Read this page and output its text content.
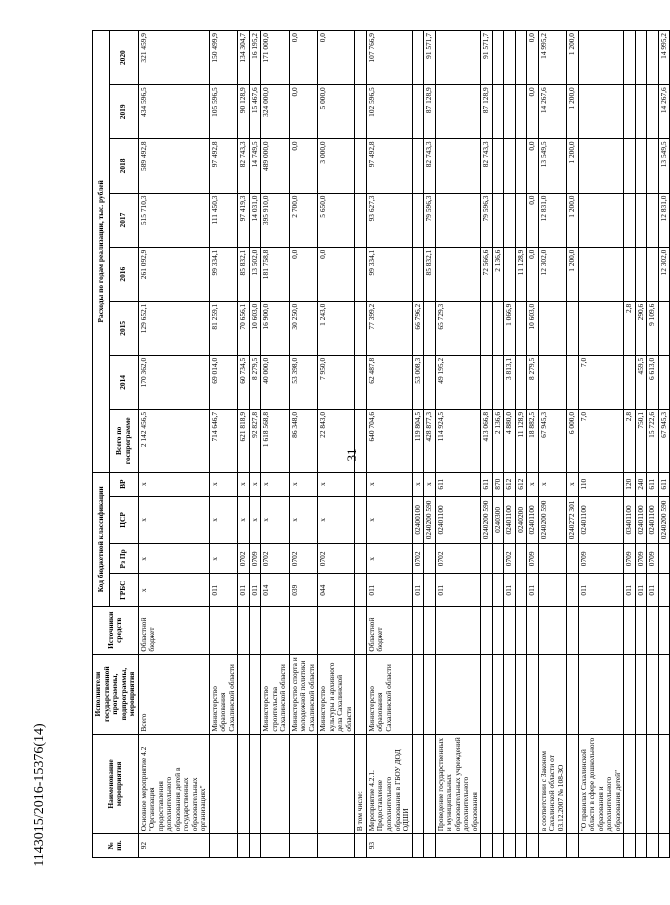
31
1143015/2016-15376(14)	№ пп.	Наименование мероприятия	Исполнители государственной программы, подпрограммы, мероприятия	Источники средств	Код бюджетной классификации				Расходы по годам реализации, тыс. рублей							
				ГРБС	Рз Пр	ЦСР	ВР	Всего по госпрограмме	2014	2015	2016	2017	2018	2019	2020
92	Основное мероприятие 4.2 "Организация предоставления дополнительного образования детей в государственных образовательных организациях"	Всего	Областной бюджет	x	x	x	x	2 142 456,5	170 362,0	129 652,1	261 092,9	515 710,3	589 492,8	434 596,5	321 459,9
		Министерство образования Сахалинской области		011	x	x	x	714 646,7	69 014,0	81 259,1	99 334,1	111 450,3	97 492,8	105 596,5	150 499,9
				011	0702	x	x	621 818,9	60 734,5	70 656,1	85 832,1	97 419,3	82 743,3	90 128,9	134 304,7
				011	0709	x	x	92 827,8	8 279,5	10 603,0	13 502,0	14 031,0	14 749,5	15 467,6	16 195,2
		Министерство строительства Сахалинской области		014	0702	x	x	1 618 568,8	40 000,0	16 900,0	181 758,8	395 910,0	489 000,0	324 000,0	171 000,0
		Министерство спорта и молодежной политики Сахалинской области		039	0702	x	x	86 348,0	53 398,0	30 250,0	0,0	2 700,0	0,0	0,0	0,0
		Министерство культуры и архивного дела Сахалинской области		044	0702	x	x	22 843,0	7 950,0	1 243,0	0,0	5 650,0	3 000,0	5 000,0	0,0
	В том числе:														
93	Мероприятие 4.2.1. Предоставление дополнительного образования в ГБОУ ДОД ОДШИ	Министерство образования Сахалинской области	Областной бюджет	011	x	x	x	640 704,6	62 487,8	77 399,2	99 334,1	93 627,3	97 492,8	102 596,5	107 766,9
				011	0702	02400100	x	119 804,5	53 008,3	66 796,2					
						0240200 590	x	428 877,3			85 832,1	79 596,3	82 743,3	87 128,9	91 571,7
	Проведение государственных и муниципальных образовательных учреждений дополнительного образования			011	0702	02401100	611	114 924,5	49 195,2	65 729,3					
						0240200 590	611	413 066,8			72 566,6	79 596,3	82 743,3	87 128,9	91 571,7
						0240300	870	2 136,6			2 136,6				
				011	0702	02401100	612	4 880,0	3 813,1	1 066,9					
						0240200	612	11 128,9			11 128,9				
				011	0709	02401100	x	18 882,5	8 279,5	10 603,0	0,0	0,0	0,0	0,0	0,0
	в соответствии с Законом Сахалинской области от 03.12.2007 № 108-ЗО					0240200 590	x	67 945,3			12 302,0	12 831,0	13 549,5	14 267,6	14 995,2
						0240272 301	x	6 000,0			1 200,0	1 200,0	1 200,0	1 200,0	1 200,0
	"О правилах Сахалинской области в сфере дошкольного образования и дополнительного образования детей"			011	0709	02401100	110	7,0	7,0						
				011	0709	03401100	120	2,8		2,8					
				011	0709	02401100	240	750,1	459,5	290,6					
				011	0709	02401100	611	15 722,6	6 613,0	9 109,6					
						0240200 590	611	67 945,3			12 302,0	12 831,0	13 549,5	14 267,6	14 995,2
